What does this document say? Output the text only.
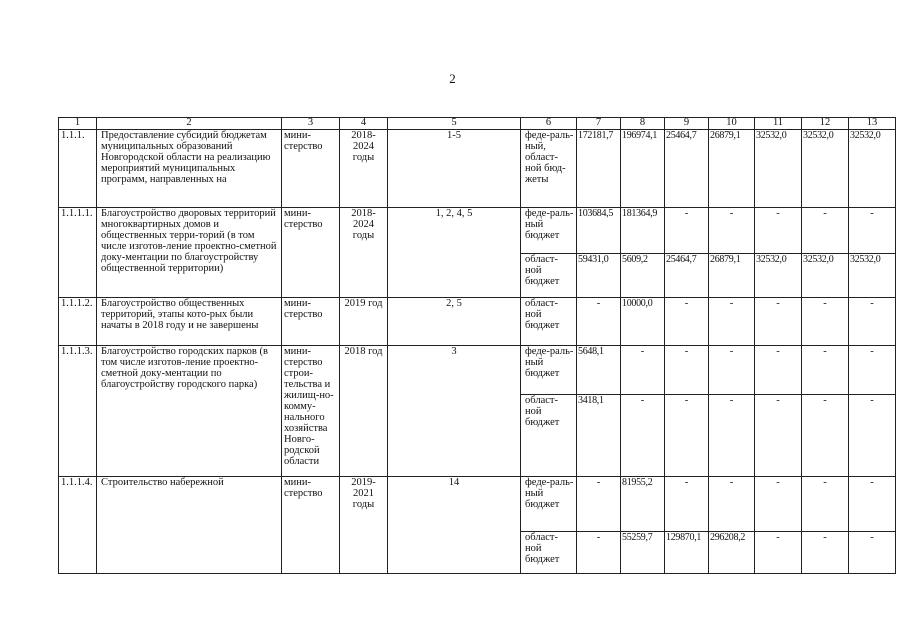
2
1	2	3	4	5	6	7	8	9	10	11	12	13
1.1.1.	Предоставление субсидий бюджетам муниципальных образований Новгородской области на реализацию мероприятий муниципальных программ, направленных на	мини-стерство	2018-2024 годы	1-5	феде-раль-ный, област-ной бюд-жеты	172181,7	196974,1	25464,7	26879,1	32532,0	32532,0	32532,0
1.1.1.1.	Благоустройство дворовых территорий многоквартирных домов и общественных терри-торий (в том числе изготов-ление проектно-сметной доку-ментации по благоустройству общественной территории)	мини-стерство	2018-2024 годы	1, 2, 4, 5	феде-раль-ный бюджет	103684,5	181364,9	-	-	-	-	-
					област-ной бюджет	59431,0	5609,2	25464,7	26879,1	32532,0	32532,0	32532,0
1.1.1.2.	Благоустройство общественных территорий, этапы кото-рых были начаты в 2018 году и не завершены	мини-стерство	2019 год	2, 5	област-ной бюджет	-	10000,0	-	-	-	-	-
1.1.1.3.	Благоустройство городских парков (в том числе изготов-ление проектно-сметной доку-ментации по благоустройству городского парка)	мини-стерство строи-тельства и жилищ-но-комму-нального хозяйства Новго-родской области	2018 год	3	феде-раль-ный бюджет	5648,1	-	-	-	-	-	-
					област-ной бюджет	3418,1	-	-	-	-	-	-
1.1.1.4.	Строительство набережной	мини-стерство	2019-2021 годы	14	феде-раль-ный бюджет	-	81955,2	-	-	-	-	-
					област-ной бюджет	-	55259,7	129870,1	296208,2	-	-	-
